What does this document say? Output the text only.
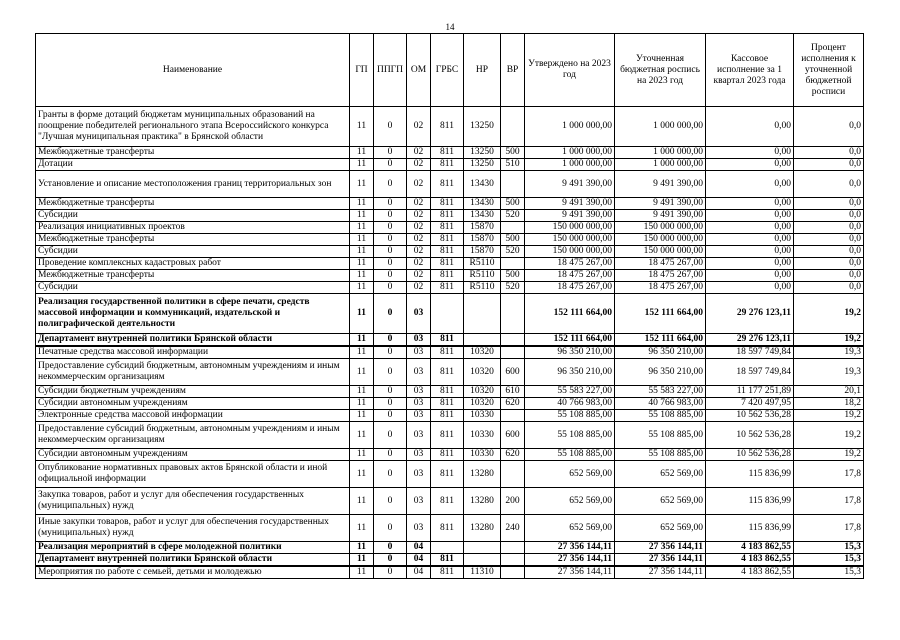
14
Наименование	ГП	ППГП	ОМ	ГРБС	НР	ВР	Утверждено на 2023 год	Уточненная бюджетная роспись на 2023 год	Кассовое исполнение за 1 квартал 2023 года	Процент исполнения к уточненной бюджетной росписи
Гранты в форме дотаций бюджетам муниципальных образований на поощрение победителей регионального этапа Всероссийского конкурса "Лучшая муниципальная практика" в Брянской области	11	0	02	811	13250		1 000 000,00	1 000 000,00	0,00	0,0
Межбюджетные трансферты	11	0	02	811	13250	500	1 000 000,00	1 000 000,00	0,00	0,0
Дотации	11	0	02	811	13250	510	1 000 000,00	1 000 000,00	0,00	0,0
Установление и описание местоположения границ территориальных зон	11	0	02	811	13430		9 491 390,00	9 491 390,00	0,00	0,0
Межбюджетные трансферты	11	0	02	811	13430	500	9 491 390,00	9 491 390,00	0,00	0,0
Субсидии	11	0	02	811	13430	520	9 491 390,00	9 491 390,00	0,00	0,0
Реализация инициативных проектов	11	0	02	811	15870		150 000 000,00	150 000 000,00	0,00	0,0
Межбюджетные трансферты	11	0	02	811	15870	500	150 000 000,00	150 000 000,00	0,00	0,0
Субсидии	11	0	02	811	15870	520	150 000 000,00	150 000 000,00	0,00	0,0
Проведение комплексных кадастровых работ	11	0	02	811	R5110		18 475 267,00	18 475 267,00	0,00	0,0
Межбюджетные трансферты	11	0	02	811	R5110	500	18 475 267,00	18 475 267,00	0,00	0,0
Субсидии	11	0	02	811	R5110	520	18 475 267,00	18 475 267,00	0,00	0,0
Реализация государственной политики в сфере печати, средств массовой информации и коммуникаций, издательской и полиграфической деятельности	11	0	03				152 111 664,00	152 111 664,00	29 276 123,11	19,2
Департамент внутренней политики Брянской области	11	0	03	811			152 111 664,00	152 111 664,00	29 276 123,11	19,2
Печатные средства массовой информации	11	0	03	811	10320		96 350 210,00	96 350 210,00	18 597 749,84	19,3
Предоставление субсидий бюджетным, автономным учреждениям и иным некоммерческим организациям	11	0	03	811	10320	600	96 350 210,00	96 350 210,00	18 597 749,84	19,3
Субсидии бюджетным учреждениям	11	0	03	811	10320	610	55 583 227,00	55 583 227,00	11 177 251,89	20,1
Субсидии автономным учреждениям	11	0	03	811	10320	620	40 766 983,00	40 766 983,00	7 420 497,95	18,2
Электронные средства массовой информации	11	0	03	811	10330		55 108 885,00	55 108 885,00	10 562 536,28	19,2
Предоставление субсидий бюджетным, автономным учреждениям и иным некоммерческим организациям	11	0	03	811	10330	600	55 108 885,00	55 108 885,00	10 562 536,28	19,2
Субсидии автономным учреждениям	11	0	03	811	10330	620	55 108 885,00	55 108 885,00	10 562 536,28	19,2
Опубликование нормативных правовых актов Брянской области и иной официальной информации	11	0	03	811	13280		652 569,00	652 569,00	115 836,99	17,8
Закупка товаров, работ и услуг для обеспечения государственных (муниципальных) нужд	11	0	03	811	13280	200	652 569,00	652 569,00	115 836,99	17,8
Иные закупки товаров, работ и услуг для обеспечения государственных (муниципальных) нужд	11	0	03	811	13280	240	652 569,00	652 569,00	115 836,99	17,8
Реализация мероприятий в сфере молодежной политики	11	0	04				27 356 144,11	27 356 144,11	4 183 862,55	15,3
Департамент внутренней политики Брянской области	11	0	04	811			27 356 144,11	27 356 144,11	4 183 862,55	15,3
Мероприятия по работе с семьей, детьми и молодежью	11	0	04	811	11310		27 356 144,11	27 356 144,11	4 183 862,55	15,3
